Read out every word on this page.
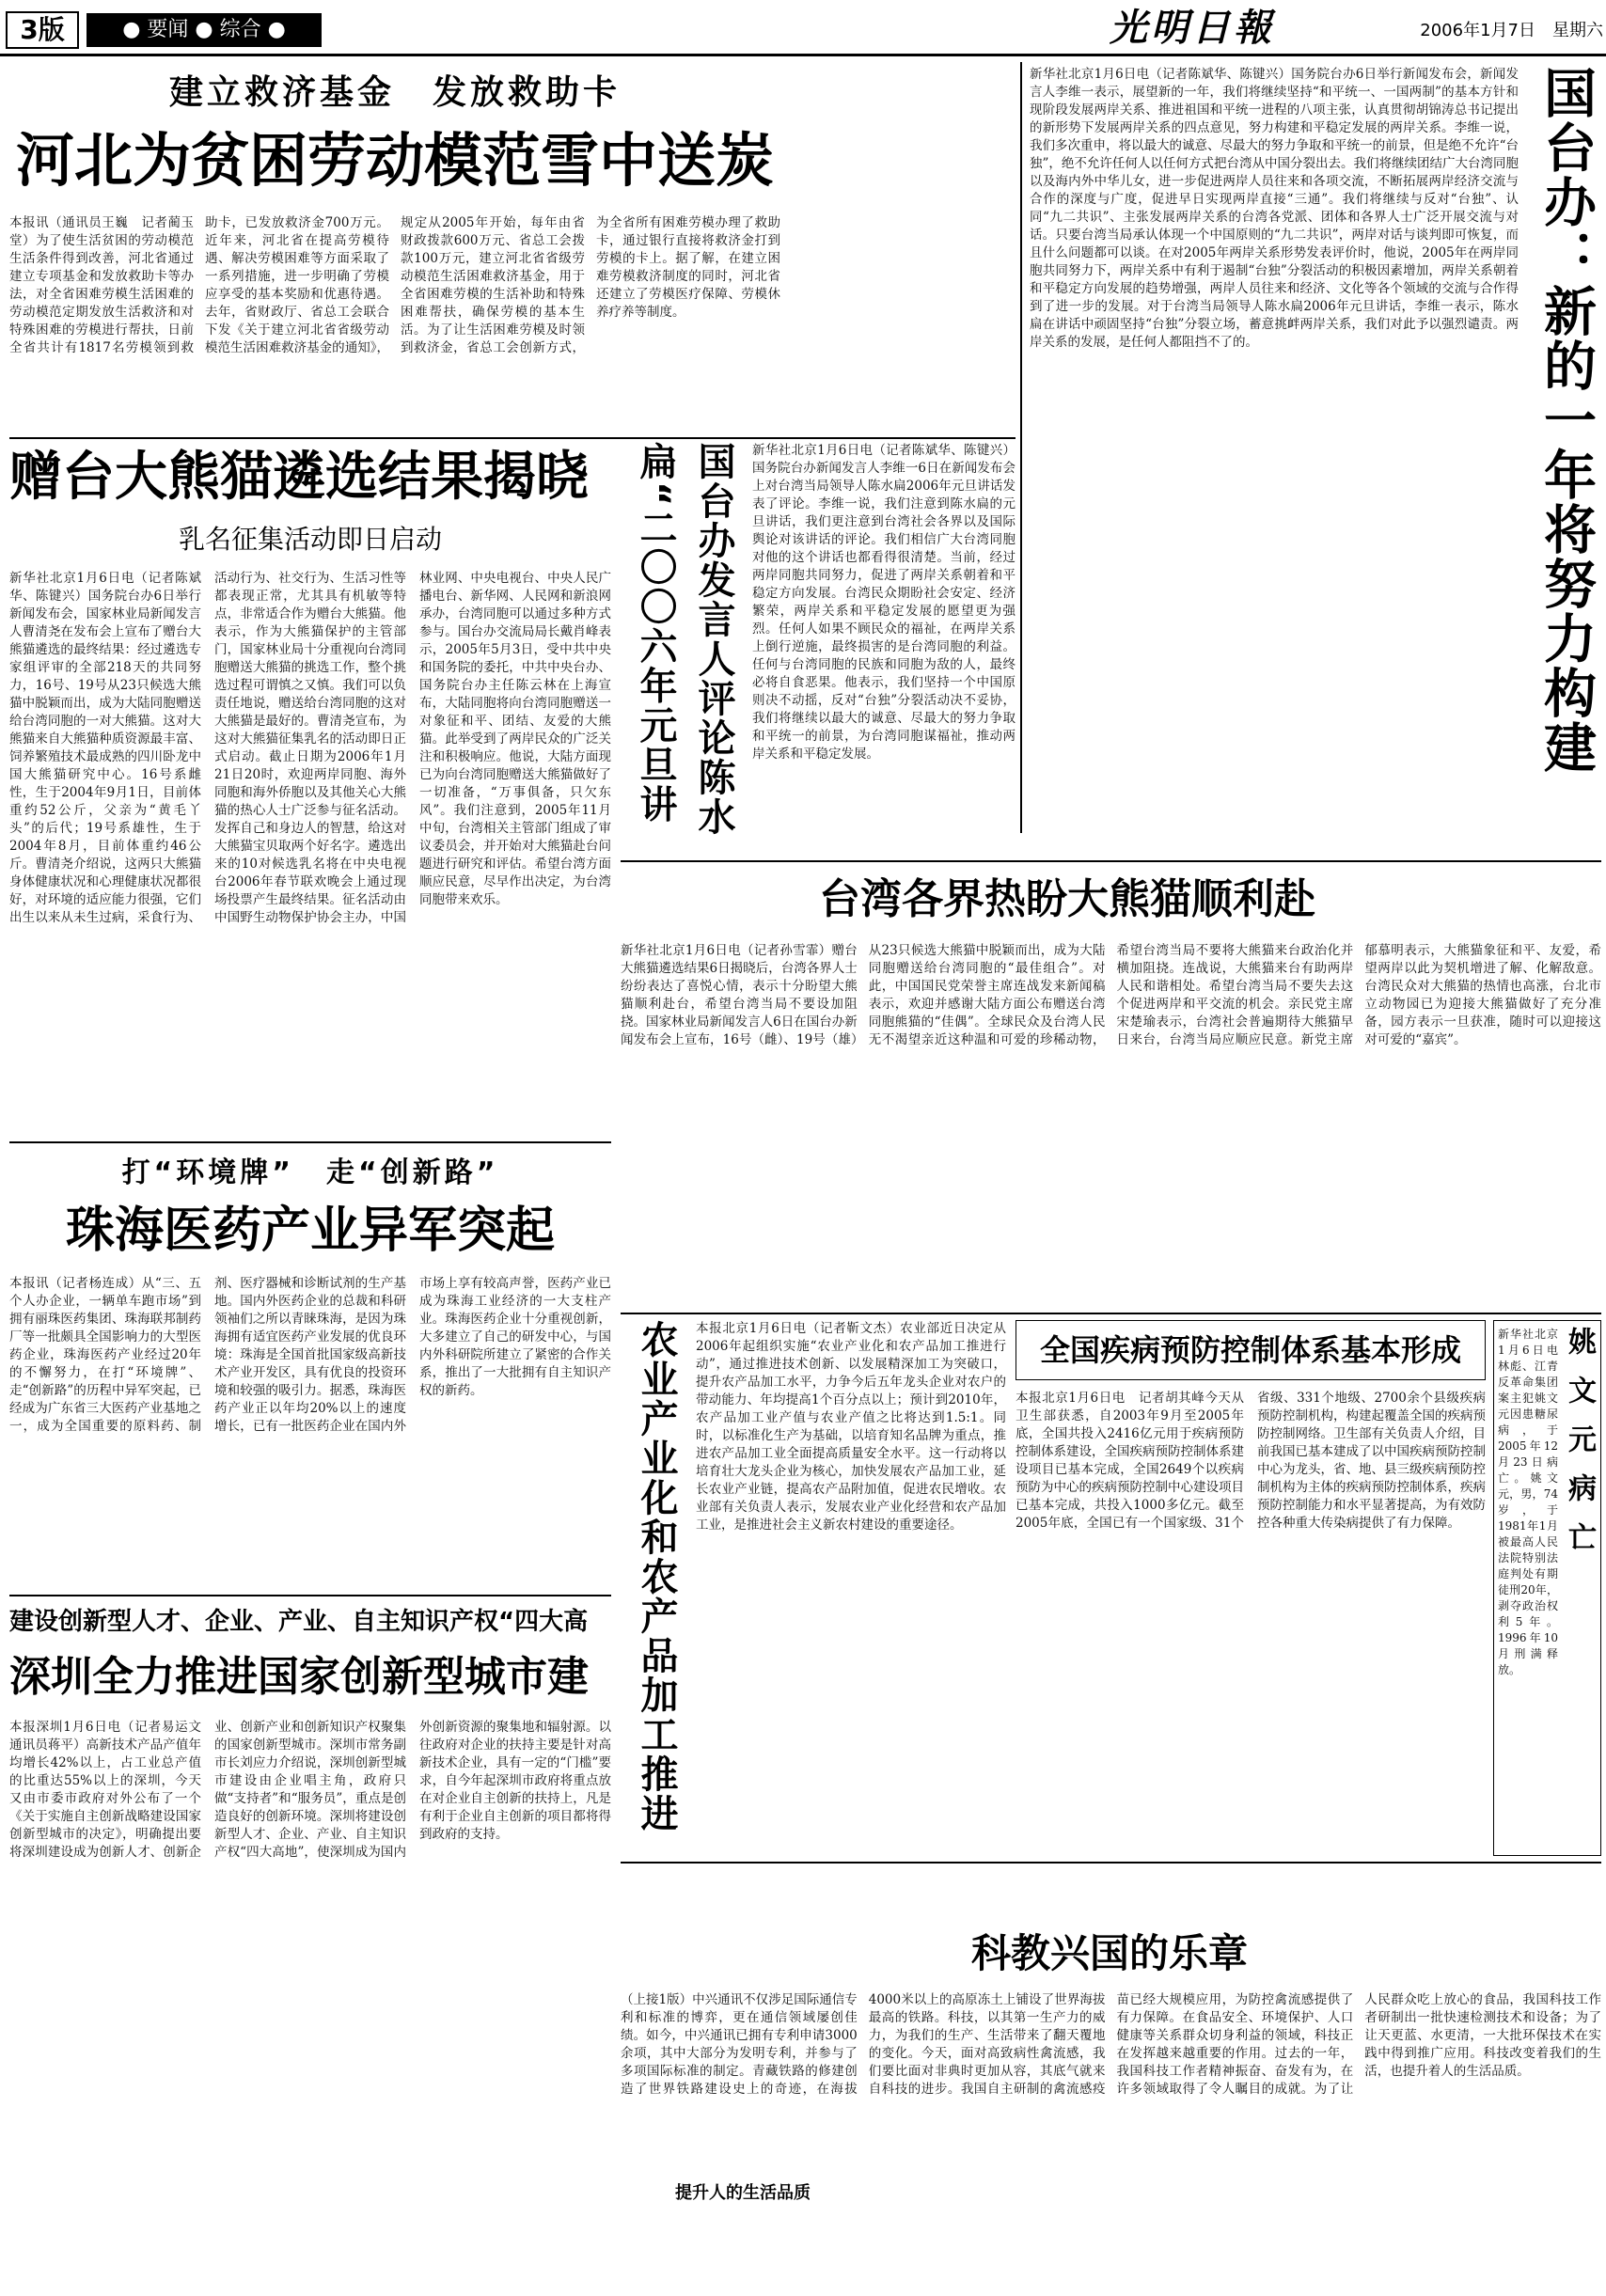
3版	● 要闻 ● 综合 ●	光明日報	2006年1月7日　星期六
建立救济基金　发放救助卡
河北为贫困劳动模范雪中送炭
本报讯（通讯员王巍　记者蔺玉堂）为了使生活贫困的劳动模范生活条件得到改善，河北省通过建立专项基金和发放救助卡等办法，对全省困难劳模生活困难的劳动模范定期发放生活救济和对特殊困难的劳模进行帮扶，日前全省共计有1817名劳模领到救助卡，已发放救济金700万元。近年来，河北省在提高劳模待遇、解决劳模困难等方面采取了一系列措施，进一步明确了劳模应享受的基本奖励和优惠待遇。去年，省财政厅、省总工会联合下发《关于建立河北省省级劳动模范生活困难救济基金的通知》，规定从2005年开始，每年由省财政拨款600万元、省总工会拨款100万元，建立河北省省级劳动模范生活困难救济基金，用于全省困难劳模的生活补助和特殊困难帮扶，确保劳模的基本生活。为了让生活困难劳模及时领到救济金，省总工会创新方式，为全省所有困难劳模办理了救助卡，通过银行直接将救济金打到劳模的卡上。据了解，在建立困难劳模救济制度的同时，河北省还建立了劳模医疗保障、劳模休养疗养等制度。
国台办：新的一年将努力构建
新华社北京1月6日电（记者陈斌华、陈键兴）国务院台办6日举行新闻发布会，新闻发言人李维一表示，展望新的一年，我们将继续坚持“和平统一、一国两制”的基本方针和现阶段发展两岸关系、推进祖国和平统一进程的八项主张，认真贯彻胡锦涛总书记提出的新形势下发展两岸关系的四点意见，努力构建和平稳定发展的两岸关系。李维一说，我们多次重申，将以最大的诚意、尽最大的努力争取和平统一的前景，但是绝不允许“台独”，绝不允许任何人以任何方式把台湾从中国分裂出去。我们将继续团结广大台湾同胞以及海内外中华儿女，进一步促进两岸人员往来和各项交流，不断拓展两岸经济交流与合作的深度与广度，促进早日实现两岸直接“三通”。我们将继续与反对“台独”、认同“九二共识”、主张发展两岸关系的台湾各党派、团体和各界人士广泛开展交流与对话。只要台湾当局承认体现一个中国原则的“九二共识”，两岸对话与谈判即可恢复，而且什么问题都可以谈。在对2005年两岸关系形势发表评价时，他说，2005年在两岸同胞共同努力下，两岸关系中有利于遏制“台独”分裂活动的积极因素增加，两岸关系朝着和平稳定方向发展的趋势增强，两岸人员往来和经济、文化等各个领域的交流与合作得到了进一步的发展。对于台湾当局领导人陈水扁2006年元旦讲话，李维一表示，陈水扁在讲话中顽固坚持“台独”分裂立场，蓄意挑衅两岸关系，我们对此予以强烈谴责。两岸关系的发展，是任何人都阻挡不了的。
赠台大熊猫遴选结果揭晓
乳名征集活动即日启动
新华社北京1月6日电（记者陈斌华、陈键兴）国务院台办6日举行新闻发布会，国家林业局新闻发言人曹清尧在发布会上宣布了赠台大熊猫遴选的最终结果：经过遴选专家组评审的全部218天的共同努力，16号、19号从23只候选大熊猫中脱颖而出，成为大陆同胞赠送给台湾同胞的一对大熊猫。这对大熊猫来自大熊猫种质资源最丰富、饲养繁殖技术最成熟的四川卧龙中国大熊猫研究中心。16号系雌性，生于2004年9月1日，目前体重约52公斤，父亲为“黄毛丫头”的后代；19号系雄性，生于2004年8月，目前体重约46公斤。曹清尧介绍说，这两只大熊猫身体健康状况和心理健康状况都很好，对环境的适应能力很强，它们出生以来从未生过病，采食行为、活动行为、社交行为、生活习性等都表现正常，尤其具有机敏等特点，非常适合作为赠台大熊猫。他表示，作为大熊猫保护的主管部门，国家林业局十分重视向台湾同胞赠送大熊猫的挑选工作，整个挑选过程可谓慎之又慎。我们可以负责任地说，赠送给台湾同胞的这对大熊猫是最好的。曹清尧宣布，为这对大熊猫征集乳名的活动即日正式启动。截止日期为2006年1月21日20时，欢迎两岸同胞、海外同胞和海外侨胞以及其他关心大熊猫的热心人士广泛参与征名活动。发挥自己和身边人的智慧，给这对大熊猫宝贝取两个好名字。遴选出来的10对候选乳名将在中央电视台2006年春节联欢晚会上通过现场投票产生最终结果。征名活动由中国野生动物保护协会主办，中国林业网、中央电视台、中央人民广播电台、新华网、人民网和新浪网承办，台湾同胞可以通过多种方式参与。国台办交流局局长戴肖峰表示，2005年5月3日，受中共中央和国务院的委托，中共中央台办、国务院台办主任陈云林在上海宣布，大陆同胞将向台湾同胞赠送一对象征和平、团结、友爱的大熊猫。此举受到了两岸民众的广泛关注和积极响应。他说，大陆方面现已为向台湾同胞赠送大熊猫做好了一切准备，“万事俱备，只欠东风”。我们注意到，2005年11月中旬，台湾相关主管部门组成了审议委员会，并开始对大熊猫赴台问题进行研究和评估。希望台湾方面顺应民意，尽早作出决定，为台湾同胞带来欢乐。
国台办发言人评论陈水扁“二〇〇六年元旦讲
新华社北京1月6日电（记者陈斌华、陈键兴）国务院台办新闻发言人李维一6日在新闻发布会上对台湾当局领导人陈水扁2006年元旦讲话发表了评论。李维一说，我们注意到陈水扁的元旦讲话，我们更注意到台湾社会各界以及国际舆论对该讲话的评论。我们相信广大台湾同胞对他的这个讲话也都看得很清楚。当前，经过两岸同胞共同努力，促进了两岸关系朝着和平稳定方向发展。台湾民众期盼社会安定、经济繁荣，两岸关系和平稳定发展的愿望更为强烈。任何人如果不顾民众的福祉，在两岸关系上倒行逆施，最终损害的是台湾同胞的利益。任何与台湾同胞的民族和同胞为敌的人，最终必将自食恶果。他表示，我们坚持一个中国原则决不动摇，反对“台独”分裂活动决不妥协，我们将继续以最大的诚意、尽最大的努力争取和平统一的前景，为台湾同胞谋福祉，推动两岸关系和平稳定发展。
台湾各界热盼大熊猫顺利赴
新华社北京1月6日电（记者孙雪霏）赠台大熊猫遴选结果6日揭晓后，台湾各界人士纷纷表达了喜悦心情，表示十分盼望大熊猫顺利赴台，希望台湾当局不要设加阻挠。国家林业局新闻发言人6日在国台办新闻发布会上宣布，16号（雌）、19号（雄）从23只候选大熊猫中脱颖而出，成为大陆同胞赠送给台湾同胞的“最佳组合”。对此，中国国民党荣誉主席连战发来新闻稿表示，欢迎并感谢大陆方面公布赠送台湾同胞熊猫的“佳偶”。全球民众及台湾人民无不渴望亲近这种温和可爱的珍稀动物，希望台湾当局不要将大熊猫来台政治化并横加阻挠。连战说，大熊猫来台有助两岸人民和谐相处。希望台湾当局不要失去这个促进两岸和平交流的机会。亲民党主席宋楚瑜表示，台湾社会普遍期待大熊猫早日来台，台湾当局应顺应民意。新党主席郁慕明表示，大熊猫象征和平、友爱，希望两岸以此为契机增进了解、化解敌意。台湾民众对大熊猫的热情也高涨，台北市立动物园已为迎接大熊猫做好了充分准备，园方表示一旦获准，随时可以迎接这对可爱的“嘉宾”。
打“环境牌”　走“创新路”
珠海医药产业异军突起
本报讯（记者杨连成）从“三、五个人办企业，一辆单车跑市场”到拥有丽珠医药集团、珠海联邦制药厂等一批颇具全国影响力的大型医药企业，珠海医药产业经过20年的不懈努力，在打“环境牌”、走“创新路”的历程中异军突起，已经成为广东省三大医药产业基地之一，成为全国重要的原料药、制剂、医疗器械和诊断试剂的生产基地。国内外医药企业的总裁和科研领袖们之所以青睐珠海，是因为珠海拥有适宜医药产业发展的优良环境：珠海是全国首批国家级高新技术产业开发区，具有优良的投资环境和较强的吸引力。据悉，珠海医药产业正以年均20%以上的速度增长，已有一批医药企业在国内外市场上享有较高声誉，医药产业已成为珠海工业经济的一大支柱产业。珠海医药企业十分重视创新，大多建立了自己的研发中心，与国内外科研院所建立了紧密的合作关系，推出了一大批拥有自主知识产权的新药。
农业产业化和农产品加工推进
本报北京1月6日电（记者靳文杰）农业部近日决定从2006年起组织实施“农业产业化和农产品加工推进行动”，通过推进技术创新、以发展精深加工为突破口，提升农产品加工水平，力争今后五年龙头企业对农户的带动能力、年均提高1个百分点以上；预计到2010年，农产品加工业产值与农业产值之比将达到1.5:1。同时，以标准化生产为基础，以培育知名品牌为重点，推进农产品加工业全面提高质量安全水平。这一行动将以培育壮大龙头企业为核心，加快发展农产品加工业，延长农业产业链，提高农产品附加值，促进农民增收。农业部有关负责人表示，发展农业产业化经营和农产品加工业，是推进社会主义新农村建设的重要途径。
全国疾病预防控制体系基本形成
本报北京1月6日电　记者胡其峰今天从卫生部获悉，自2003年9月至2005年底，全国共投入2416亿元用于疾病预防控制体系建设，全国疾病预防控制体系建设项目已基本完成，全国2649个以疾病预防为中心的疾病预防控制中心建设项目已基本完成，共投入1000多亿元。截至2005年底，全国已有一个国家级、31个省级、331个地级、2700余个县级疾病预防控制机构，构建起覆盖全国的疾病预防控制网络。卫生部有关负责人介绍，目前我国已基本建成了以中国疾病预防控制中心为龙头，省、地、县三级疾病预防控制机构为主体的疾病预防控制体系，疾病预防控制能力和水平显著提高，为有效防控各种重大传染病提供了有力保障。	姚文元病亡
新华社北京1月6日电　林彪、江青反革命集团案主犯姚文元因患糖尿病，于2005年12月23日病亡。姚文元，男，74岁，于1981年1月被最高人民法院特别法庭判处有期徒刑20年，剥夺政治权利5年。1996年10月刑满释放。
建设创新型人才、企业、产业、自主知识产权“四大高
深圳全力推进国家创新型城市建
本报深圳1月6日电（记者易运文　通讯员蒋平）高新技术产品产值年均增长42%以上，占工业总产值的比重达55%以上的深圳，今天又由市委市政府对外公布了一个《关于实施自主创新战略建设国家创新型城市的决定》，明确提出要将深圳建设成为创新人才、创新企业、创新产业和创新知识产权聚集的国家创新型城市。深圳市常务副市长刘应力介绍说，深圳创新型城市建设由企业唱主角，政府只做“支持者”和“服务员”，重点是创造良好的创新环境。深圳将建设创新型人才、企业、产业、自主知识产权“四大高地”，使深圳成为国内外创新资源的聚集地和辐射源。以往政府对企业的扶持主要是针对高新技术企业，具有一定的“门槛”要求，自今年起深圳市政府将重点放在对企业自主创新的扶持上，凡是有利于企业自主创新的项目都将得到政府的支持。
科教兴国的乐章
提升人的生活品质
（上接1版）中兴通讯不仅涉足国际通信专利和标准的博弈，更在通信领域屡创佳绩。如今，中兴通讯已拥有专利申请3000余项，其中大部分为发明专利，并参与了多项国际标准的制定。青藏铁路的修建创造了世界铁路建设史上的奇迹，在海拔4000米以上的高原冻土上铺设了世界海拔最高的铁路。科技，以其第一生产力的威力，为我们的生产、生活带来了翻天覆地的变化。今天，面对高致病性禽流感，我们要比面对非典时更加从容，其底气就来自科技的进步。我国自主研制的禽流感疫苗已经大规模应用，为防控禽流感提供了有力保障。在食品安全、环境保护、人口健康等关系群众切身利益的领域，科技正在发挥越来越重要的作用。过去的一年，我国科技工作者精神振奋、奋发有为，在许多领域取得了令人瞩目的成就。为了让人民群众吃上放心的食品，我国科技工作者研制出一批快速检测技术和设备；为了让天更蓝、水更清，一大批环保技术在实践中得到推广应用。科技改变着我们的生活，也提升着人的生活品质。
